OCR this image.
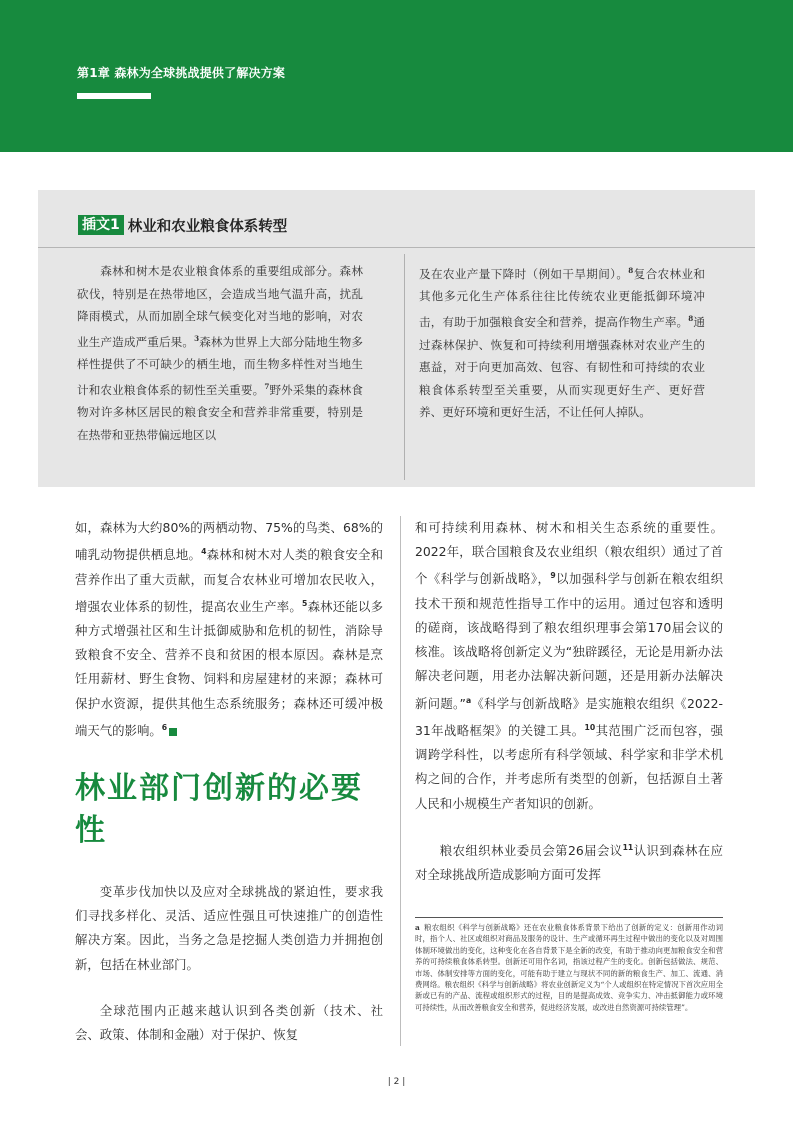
第1章 森林为全球挑战提供了解决方案
插文1 林业和农业粮食体系转型
森林和树木是农业粮食体系的重要组成部分。森林砍伐，特别是在热带地区，会造成当地气温升高，扰乱降雨模式，从而加剧全球气候变化对当地的影响，对农业生产造成严重后果。$^3$森林为世界上大部分陆地生物多样性提供了不可缺少的栖生地，而生物多样性对当地生计和农业粮食体系的韧性至关重要。$^7$野外采集的森林食物对许多林区居民的粮食安全和营养非常重要，特别是在热带和亚热带偏远地区以
及在农业产量下降时（例如干旱期间）。$^8$复合农林业和其他多元化生产体系往往比传统农业更能抵御环境冲击，有助于加强粮食安全和营养，提高作物生产率。$^8$通过森林保护、恢复和可持续利用增强森林对农业产生的惠益，对于向更加高效、包容、有韧性和可持续的农业粮食体系转型至关重要，从而实现更好生产、更好营养、更好环境和更好生活，不让任何人掉队。

如，森林为大约80%的两栖动物、75%的鸟类、68%的哺乳动物提供栖息地。$^4$森林和树木对人类的粮食安全和营养作出了重大贡献，而复合农林业可增加农民收入，增强农业体系的韧性，提高农业生产率。$^5$森林还能以多种方式增强社区和生计抵御威胁和危机的韧性，消除导致粮食不安全、营养不良和贫困的根本原因。森林是烹饪用薪材、野生食物、饲料和房屋建材的来源；森林可保护水资源，提供其他生态系统服务；森林还可缓冲极端天气的影响。$^6$

林业部门创新的必要性

变革步伐加快以及应对全球挑战的紧迫性，要求我们寻找多样化、灵活、适应性强且可快速推广的创造性解决方案。因此，当务之急是挖掘人类创造力并拥抱创新，包括在林业部门。

全球范围内正越来越认识到各类创新（技术、社会、政策、体制和金融）对于保护、恢复

和可持续利用森林、树木和相关生态系统的重要性。2022年，联合国粮食及农业组织（粮农组织）通过了首个《科学与创新战略》，$^9$以加强科学与创新在粮农组织技术干预和规范性指导工作中的运用。通过包容和透明的磋商，该战略得到了粮农组织理事会第170届会议的核准。该战略将创新定义为“独辟蹊径，无论是用新办法解决老问题，用老办法解决新问题，还是用新办法解决新问题。”$^a$《科学与创新战略》是实施粮农组织《2022-31年战略框架》的关键工具。$^{10}$其范围广泛而包容，强调跨学科性，以考虑所有科学领域、科学家和非学术机构之间的合作，并考虑所有类型的创新，包括源自土著人民和小规模生产者知识的创新。

粮农组织林业委员会第26届会议$^{11}$认识到森林在应对全球挑战所造成影响方面可发挥

a 粮农组织《科学与创新战略》还在农业粮食体系背景下给出了创新的定义：创新用作动词时，指个人、社区或组织对商品及服务的设计、生产或循环再生过程中做出的变化以及对周围体制环境做出的变化，这种变化在各自背景下是全新的改变，有助于推动向更加粮食安全和营养的可持续粮食体系转型。创新还可用作名词，指该过程产生的变化。创新包括做法、规范、市场、体制安排等方面的变化，可能有助于建立与现状不同的新的粮食生产、加工、流通、消费网络。粮农组织《科学与创新战略》将农业创新定义为“个人或组织在特定情况下首次应用全新或已有的产品、流程或组织形式的过程，目的是提高成效、竞争实力、冲击抵御能力或环境可持续性，从而改善粮食安全和营养，促进经济发展，或改进自然资源可持续管理”。
| 2 |
